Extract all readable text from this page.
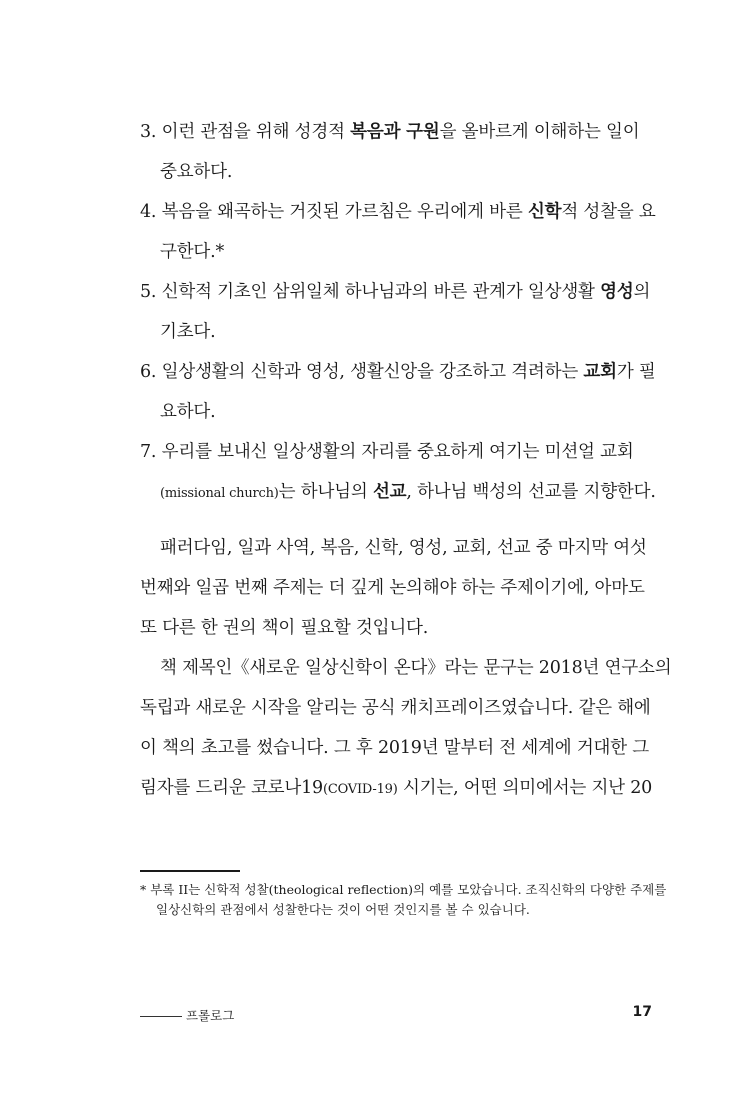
3. 이런 관점을 위해 성경적 복음과 구원을 올바르게 이해하는 일이
중요하다.
4. 복음을 왜곡하는 거짓된 가르침은 우리에게 바른 신학적 성찰을 요
구한다.*
5. 신학적 기초인 삼위일체 하나님과의 바른 관계가 일상생활 영성의
기초다.
6. 일상생활의 신학과 영성, 생활신앙을 강조하고 격려하는 교회가 필
요하다.
7. 우리를 보내신 일상생활의 자리를 중요하게 여기는 미션얼 교회
(missional church)는 하나님의 선교, 하나님 백성의 선교를 지향한다.

패러다임, 일과 사역, 복음, 신학, 영성, 교회, 선교 중 마지막 여섯
번째와 일곱 번째 주제는 더 깊게 논의해야 하는 주제이기에, 아마도
또 다른 한 권의 책이 필요할 것입니다.

책 제목인《새로운 일상신학이 온다》라는 문구는 2018년 연구소의
독립과 새로운 시작을 알리는 공식 캐치프레이즈였습니다. 같은 해에
이 책의 초고를 썼습니다. 그 후 2019년 말부터 전 세계에 거대한 그
림자를 드리운 코로나19(COVID-19) 시기는, 어떤 의미에서는 지난 20

* 부록 II는 신학적 성찰(theological reflection)의 예를 모았습니다. 조직신학의 다양한 주제를
일상신학의 관점에서 성찰한다는 것이 어떤 것인지를 볼 수 있습니다.
프롤로그	17
